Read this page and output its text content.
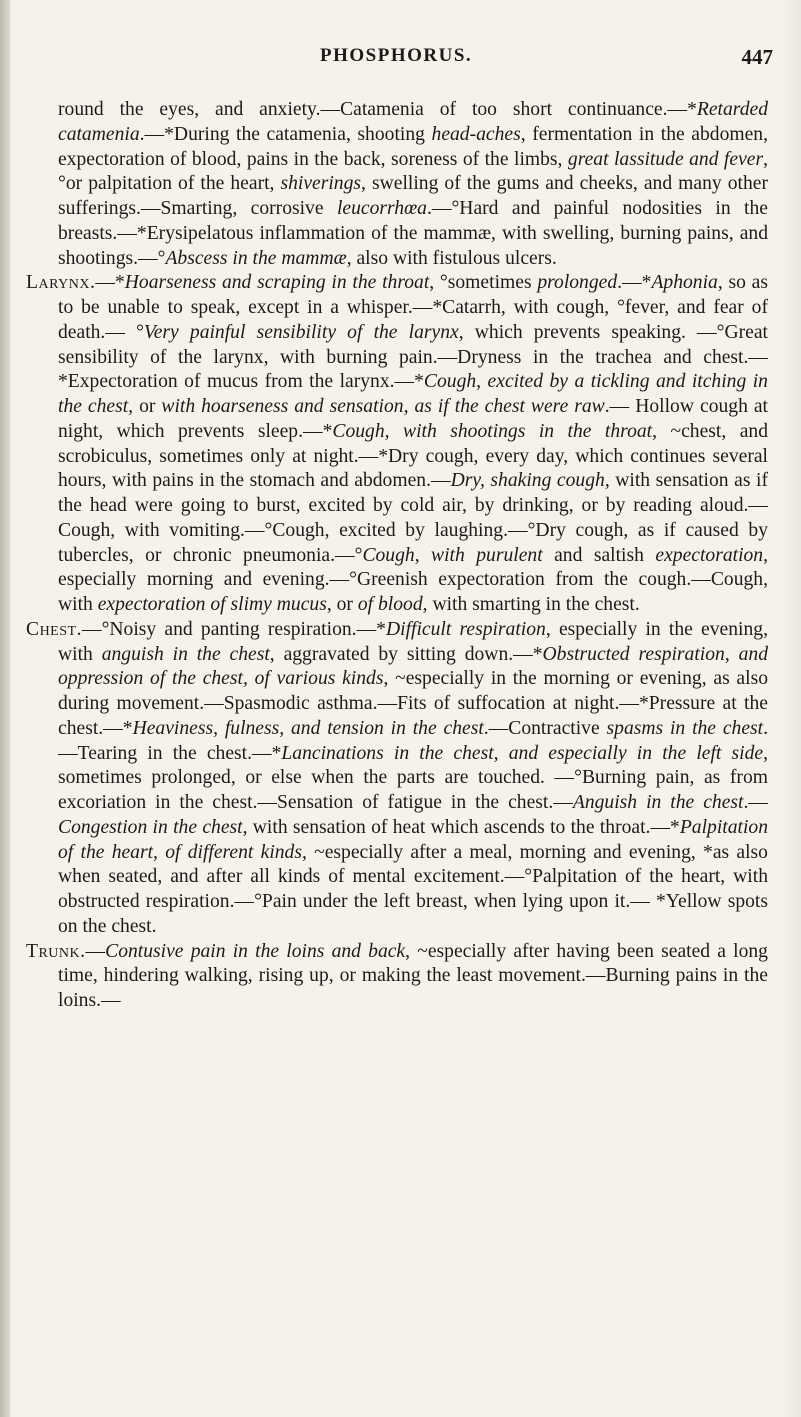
PHOSPHORUS.	447

round the eyes, and anxiety.—Catamenia of too short continuance.—*Retarded catamenia.—*During the catamenia, shooting head-aches, fermentation in the abdomen, expectoration of blood, pains in the back, soreness of the limbs, great lassitude and fever, °or palpitation of the heart, shiverings, swelling of the gums and cheeks, and many other sufferings.—Smarting, corrosive leucorrhœa.—°Hard and painful nodosities in the breasts.—*Erysipelatous inflammation of the mammæ, with swelling, burning pains, and shootings.—°Abscess in the mammæ, also with fistulous ulcers.

Larynx.—*Hoarseness and scraping in the throat, °sometimes prolonged.—*Aphonia, so as to be unable to speak, except in a whisper.—*Catarrh, with cough, °fever, and fear of death.— °Very painful sensibility of the larynx, which prevents speaking. —°Great sensibility of the larynx, with burning pain.—Dryness in the trachea and chest.—*Expectoration of mucus from the larynx.—*Cough, excited by a tickling and itching in the chest, or with hoarseness and sensation, as if the chest were raw.— Hollow cough at night, which prevents sleep.—*Cough, with shootings in the throat, ~chest, and scrobiculus, sometimes only at night.—*Dry cough, every day, which continues several hours, with pains in the stomach and abdomen.—Dry, shaking cough, with sensation as if the head were going to burst, excited by cold air, by drinking, or by reading aloud.—Cough, with vomiting.—°Cough, excited by laughing.—°Dry cough, as if caused by tubercles, or chronic pneumonia.—°Cough, with purulent and saltish expectoration, especially morning and evening.—°Greenish expectoration from the cough.—Cough, with expectoration of slimy mucus, or of blood, with smarting in the chest.

Chest.—°Noisy and panting respiration.—*Difficult respiration, especially in the evening, with anguish in the chest, aggravated by sitting down.—*Obstructed respiration, and oppression of the chest, of various kinds, ~especially in the morning or evening, as also during movement.—Spasmodic asthma.—Fits of suffocation at night.—*Pressure at the chest.—*Heaviness, fulness, and tension in the chest.—Contractive spasms in the chest.—Tearing in the chest.—*Lancinations in the chest, and especially in the left side, sometimes prolonged, or else when the parts are touched. —°Burning pain, as from excoriation in the chest.—Sensation of fatigue in the chest.—Anguish in the chest.—Congestion in the chest, with sensation of heat which ascends to the throat.—*Palpitation of the heart, of different kinds, ~especially after a meal, morning and evening, *as also when seated, and after all kinds of mental excitement.—°Palpitation of the heart, with obstructed respiration.—°Pain under the left breast, when lying upon it.— *Yellow spots on the chest.

Trunk.—Contusive pain in the loins and back, ~especially after having been seated a long time, hindering walking, rising up, or making the least movement.—Burning pains in the loins.—
